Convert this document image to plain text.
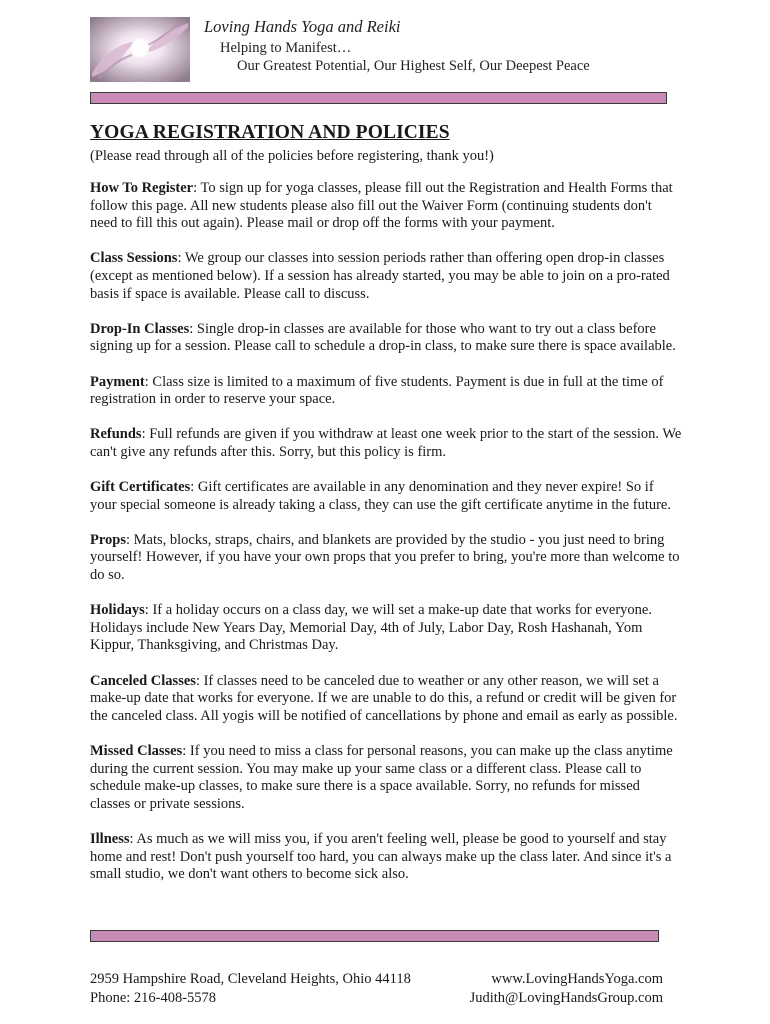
Loving Hands Yoga and Reiki
Helping to Manifest…
Our Greatest Potential, Our Highest Self, Our Deepest Peace
YOGA REGISTRATION AND POLICIES
(Please read through all of the policies before registering, thank you!)

How To Register: To sign up for yoga classes, please fill out the Registration and Health Forms that follow this page. All new students please also fill out the Waiver Form (continuing students don't need to fill this out again). Please mail or drop off the forms with your payment.

Class Sessions: We group our classes into session periods rather than offering open drop-in classes (except as mentioned below). If a session has already started, you may be able to join on a pro-rated basis if space is available. Please call to discuss.

Drop-In Classes: Single drop-in classes are available for those who want to try out a class before signing up for a session. Please call to schedule a drop-in class, to make sure there is space available.

Payment: Class size is limited to a maximum of five students. Payment is due in full at the time of registration in order to reserve your space.

Refunds: Full refunds are given if you withdraw at least one week prior to the start of the session. We can't give any refunds after this. Sorry, but this policy is firm.

Gift Certificates: Gift certificates are available in any denomination and they never expire! So if your special someone is already taking a class, they can use the gift certificate anytime in the future.

Props: Mats, blocks, straps, chairs, and blankets are provided by the studio - you just need to bring yourself! However, if you have your own props that you prefer to bring, you're more than welcome to do so.

Holidays: If a holiday occurs on a class day, we will set a make-up date that works for everyone. Holidays include New Years Day, Memorial Day, 4th of July, Labor Day, Rosh Hashanah, Yom Kippur, Thanksgiving, and Christmas Day.

Canceled Classes: If classes need to be canceled due to weather or any other reason, we will set a make-up date that works for everyone. If we are unable to do this, a refund or credit will be given for the canceled class. All yogis will be notified of cancellations by phone and email as early as possible.

Missed Classes: If you need to miss a class for personal reasons, you can make up the class anytime during the current session. You may make up your same class or a different class. Please call to schedule make-up classes, to make sure there is a space available. Sorry, no refunds for missed classes or private sessions.

Illness: As much as we will miss you, if you aren't feeling well, please be good to yourself and stay home and rest! Don't push yourself too hard, you can always make up the class later. And since it's a small studio, we don't want others to become sick also.

2959 Hampshire Road, Cleveland Heights, Ohio 44118
Phone: 216-408-5578
www.LovingHandsYoga.com
Judith@LovingHandsGroup.com
